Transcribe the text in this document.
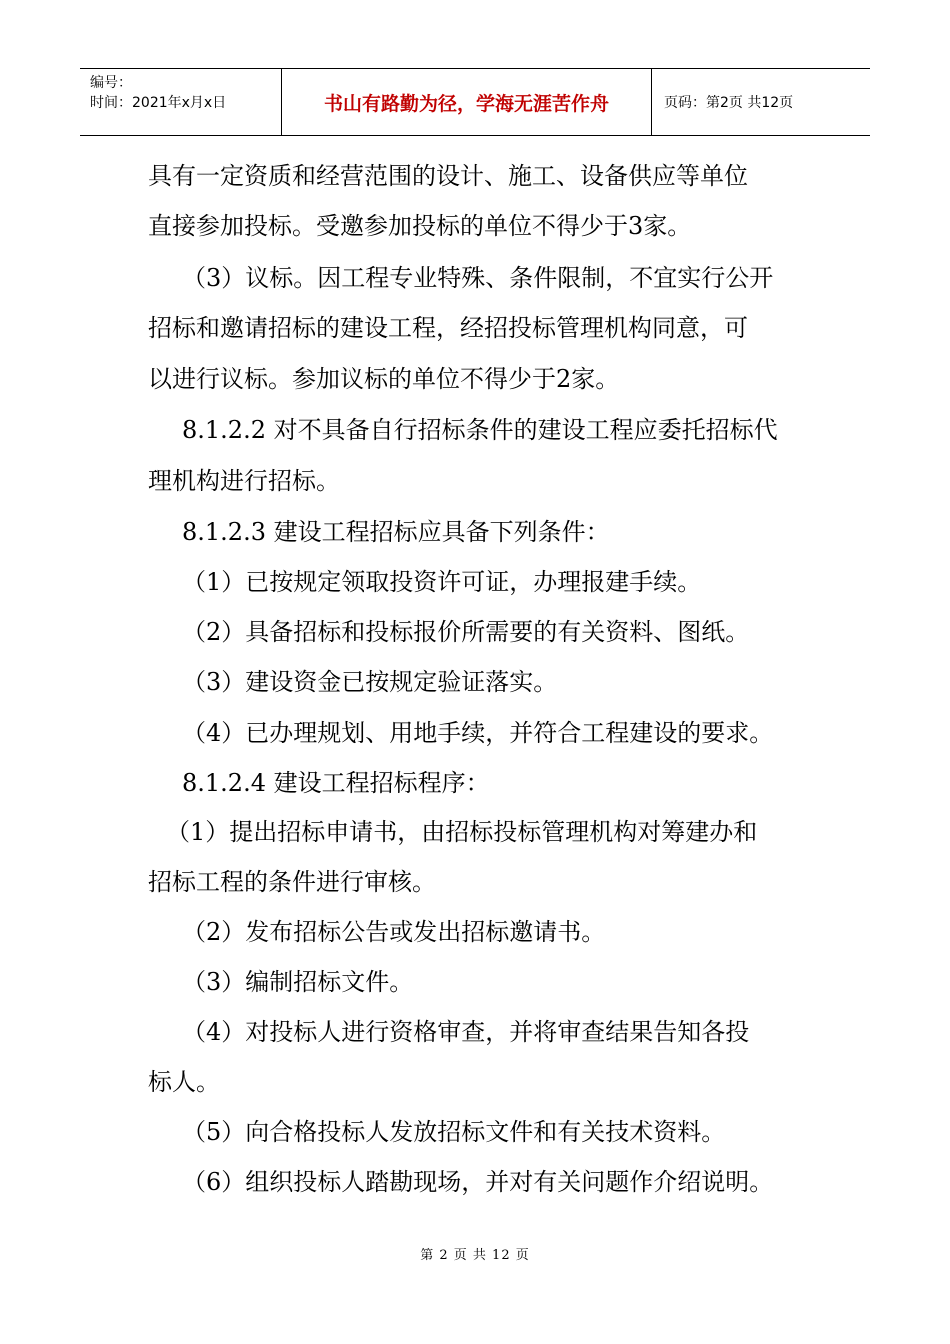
编号：
时间：2021年x月x日	书山有路勤为径，学海无涯苦作舟	页码：第2页 共12页
具有一定资质和经营范围的设计、施工、设备供应等单位
直接参加投标。受邀参加投标的单位不得少于3家。
（3）议标。因工程专业特殊、条件限制，不宜实行公开
招标和邀请招标的建设工程，经招投标管理机构同意，可
以进行议标。参加议标的单位不得少于2家。
8.1.2.2 对不具备自行招标条件的建设工程应委托招标代
理机构进行招标。
8.1.2.3 建设工程招标应具备下列条件：
（1）已按规定领取投资许可证，办理报建手续。
（2）具备招标和投标报价所需要的有关资料、图纸。
（3）建设资金已按规定验证落实。
（4）已办理规划、用地手续，并符合工程建设的要求。
8.1.2.4 建设工程招标程序：
（1）提出招标申请书，由招标投标管理机构对筹建办和
招标工程的条件进行审核。
（2）发布招标公告或发出招标邀请书。
（3）编制招标文件。
（4）对投标人进行资格审查，并将审查结果告知各投
标人。
（5）向合格投标人发放招标文件和有关技术资料。
（6）组织投标人踏勘现场，并对有关问题作介绍说明。
第 2 页 共 12 页
